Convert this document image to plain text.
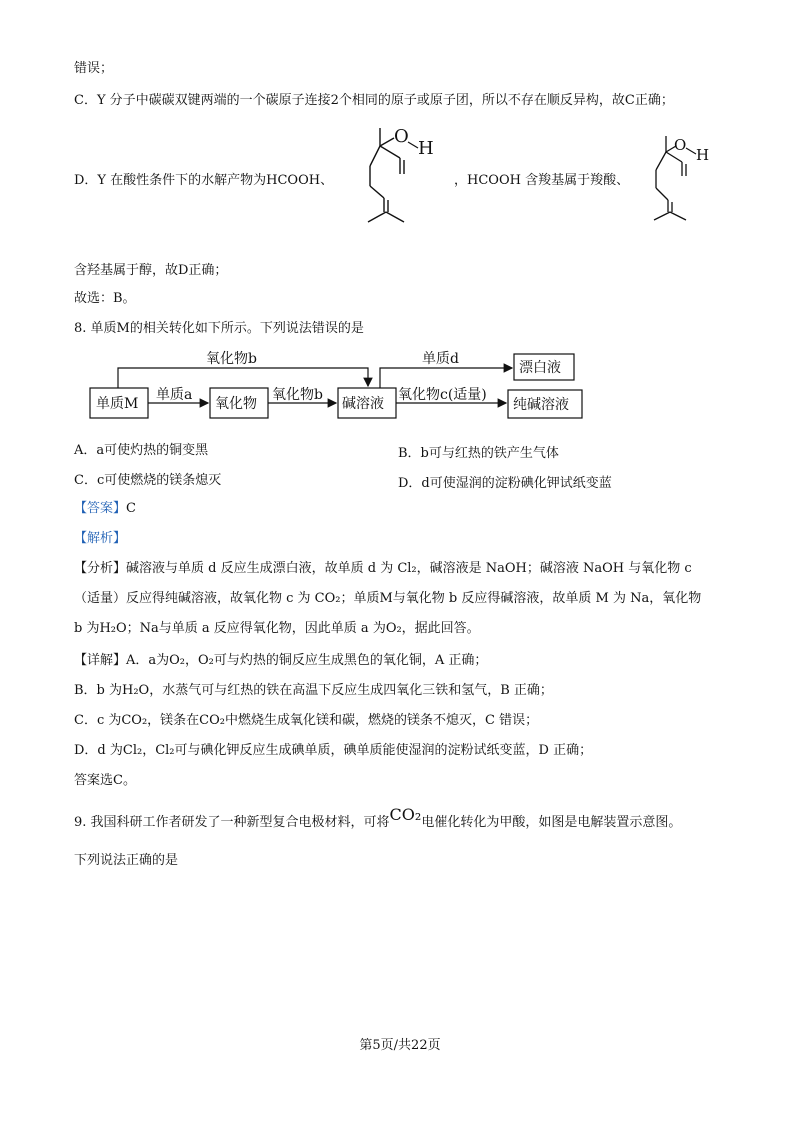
错误；
C．Y 分子中碳碳双键两端的一个碳原子连接2个相同的原子或原子团，所以不存在顺反异构，故C正确；
D．Y 在酸性条件下的水解产物为HCOOH、
O
H
，HCOOH 含羧基属于羧酸、
O
H
含羟基属于醇，故D正确；
故选：B。
8. 单质M的相关转化如下所示。下列说法错误的是
单质M	氧化物	碱溶液
漂白液
纯碱溶液
单质a	氧化物b
氧化物b
氧化物c(适量)
单质d
A．a可使灼热的铜变黑	B．b可与红热的铁产生气体
C．c可使燃烧的镁条熄灭	D．d可使湿润的淀粉碘化钾试纸变蓝
【答案】C
【解析】
【分析】碱溶液与单质 d 反应生成漂白液，故单质 d 为 Cl₂，碱溶液是 NaOH；碱溶液 NaOH 与氧化物 c
（适量）反应得纯碱溶液，故氧化物 c 为 CO₂；单质M与氧化物 b 反应得碱溶液，故单质 M 为 Na，氧化物
b 为H₂O；Na与单质 a 反应得氧化物，因此单质 a 为O₂，据此回答。
【详解】A．a为O₂，O₂可与灼热的铜反应生成黑色的氧化铜，A 正确；
B．b 为H₂O，水蒸气可与红热的铁在高温下反应生成四氧化三铁和氢气，B 正确；
C．c 为CO₂，镁条在CO₂中燃烧生成氧化镁和碳，燃烧的镁条不熄灭，C 错误；
D．d 为Cl₂，Cl₂可与碘化钾反应生成碘单质，碘单质能使湿润的淀粉试纸变蓝，D 正确；
答案选C。
9. 我国科研工作者研发了一种新型复合电极材料，可将CO₂电催化转化为甲酸，如图是电解装置示意图。
下列说法正确的是
第5页/共22页
